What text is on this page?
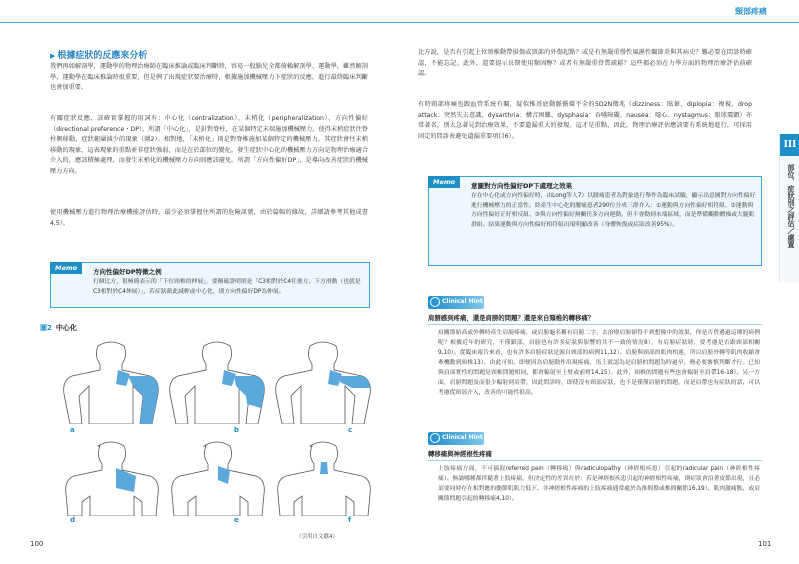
頸部疼痛
▶ 根據症狀的反應來分析
我們再如解剖學，運動學的物理治療師在臨床推論或臨床判斷時，容易一股腦兒全都倚賴解剖學、運動學，雖然解剖學，運動學在臨床推論時很重要，但是例了出現症狀要治療時，根據施加機械壓力下症狀的反應，進行最終臨床判斷也會加重要。
有關症狀反應，該確實掌握的用詞有：中心化（centralization）、末梢化（peripheralization）、方向性偏好（directional preference・DP），所謂「中心化」，是針對脊柱，在某個特定末端施加機械壓力，使得末梢症狀往脊柱側移動，症狀範圍減少的現象（圖2）。相對地，「末梢化」則是對脊椎施加某個特定的機械壓力，其症狀會往末梢移動的現象，這表現象的重點並非症狀強弱，而是在於部位的變化。發生症狀中心化的機械壓力方向是物理治療適合介入的，應該積極處理，而發生末梢化的機械壓力方向則應該避免。所謂「方向性偏好DP」，是導向改善症狀的機械壓力方向。
使用機械壓力進行物理治療機能評估時，最少必須掌握住所謂的危險訊號，由於篇幅的緣故，詳細請參考其他成書4,5）。
Memo	方向性偏好DP特徵之例
打個比方，很極簡表示的「下位頸椎的伸展」，要稱確證明則是「C3相對於C4往後方、下方滑動（也就是C3相對於C4伸展）」，若症狀藉此減輕或中心化，則方向性偏好DP為伸展。
圖2 中心化
a	b	c
d	e	f
（引用自文獻4）
100
比方說，是否有引起上位頸椎動帶損傷或頸部的外傷起點？或是有無嚴重慢性風濕性關節炎與其病史？難必要在問診時確認，不能忘記。此外，還要提示長期使用類固醇？或者有無嚴重骨質疏鬆？這些都必須在力學方面的物理治療評估前確認。
有時頸部疼痛也跟血管系統有關，疑似椎基底動脈循環不全的5D2N徵兆（dizziness：眩暈、diplopia：複視、drop attack：突然失去意識、dysarthria：構音困難、dysphasia：吞嚥障礙、nausea：噁心、nystagmus：眼球震顫）亦常著名，別太急著見到治療效果，不要遺漏重大的發現。這才是重點，因此，物理治療評估應該要有系統地進行，可採用固定的問診表避免遺漏重要項目6）。
Memo	意圖對方向性偏好DP下處理之效果
存在中心化或方向性偏好時，由Long等人7）以腰痛患者為對象進行舉作為臨床試驗，顯示出意圖對方向性偏好進行機械壓力的正當性。終產生中心化的腰痛患者290位分成三群介入：①運動與方向性偏好相符組、②運動與方向性偏好正好相反組、③與方向性偏好無關任多方向運動，但不會動到末端區域，而是準備觸動體操或大腿肌群組。結果運動與方向性偏好相符組出現明顯改善（身體恢復或症狀改善95%）。
Clinical Hint
肩膀感到疼痛，還是肩膀的問題？還是來自頸椎的轉移痛？
肩關節始高或外轉時產生肩膀疼痛，或肩膀龜名稱有肩膀二字，去治療肩膀卻得不到想像中的效果，你是否曾遇過這種的病例呢？根據近年的研究，不僅鎖部，肩膀也有許多症狀與影響的共不一致的情況8），有肩膀症狀時，要考慮是否跟頸部相關9,10）。從臨床報告來看，也有許多肩膀症狀是源自頸部的病例11,12）。肩膀與頸部的肌肉相連，所以肩膀外轉等肌肉收縮會牽機動到頸椎13）。由此可知，即便因為肩膀動作出現疼痛，馬上就認為是肩膀的問題為時過早，務必要審慎判斷才行。已知與肩部實性的問題是頸椎問題相同，都會輻射至上臂或前臂14,15）。此外，頸椎的問題有些也會輻射至肩帶16-18）。另一方面，肩膀問題及而很少輻射到肩帶，因此問診時，即使沒有頸部症狀，也不是僅僅肩膀的問題，而是肩帶也有症狀的話，可以考慮從頸部介入，改善的可能性很高。
Clinical Hint
轉移痛與神經根性疼痛
上肢疼痛方面，不可搞混referred pain（轉移痛）與radiculopathy（神經根疾患）引起的radicular pain（神經根性疼痛）。無論哪種都伴隨著上肢疼痛，但決定性的差異在於：若是神經根疾患引起的神經根性疼痛，則症狀會沿著皮節出現，且必須要同時存在相對應的髓節肌肌力低下、非神經根性疼痛的上肢疼痛通常處於為推間盤或椎間關節16,19）、肌肉激痛點，或肩關節問題引起的轉移痛4,10）。
III
部位、症狀別之評估／處置
101
